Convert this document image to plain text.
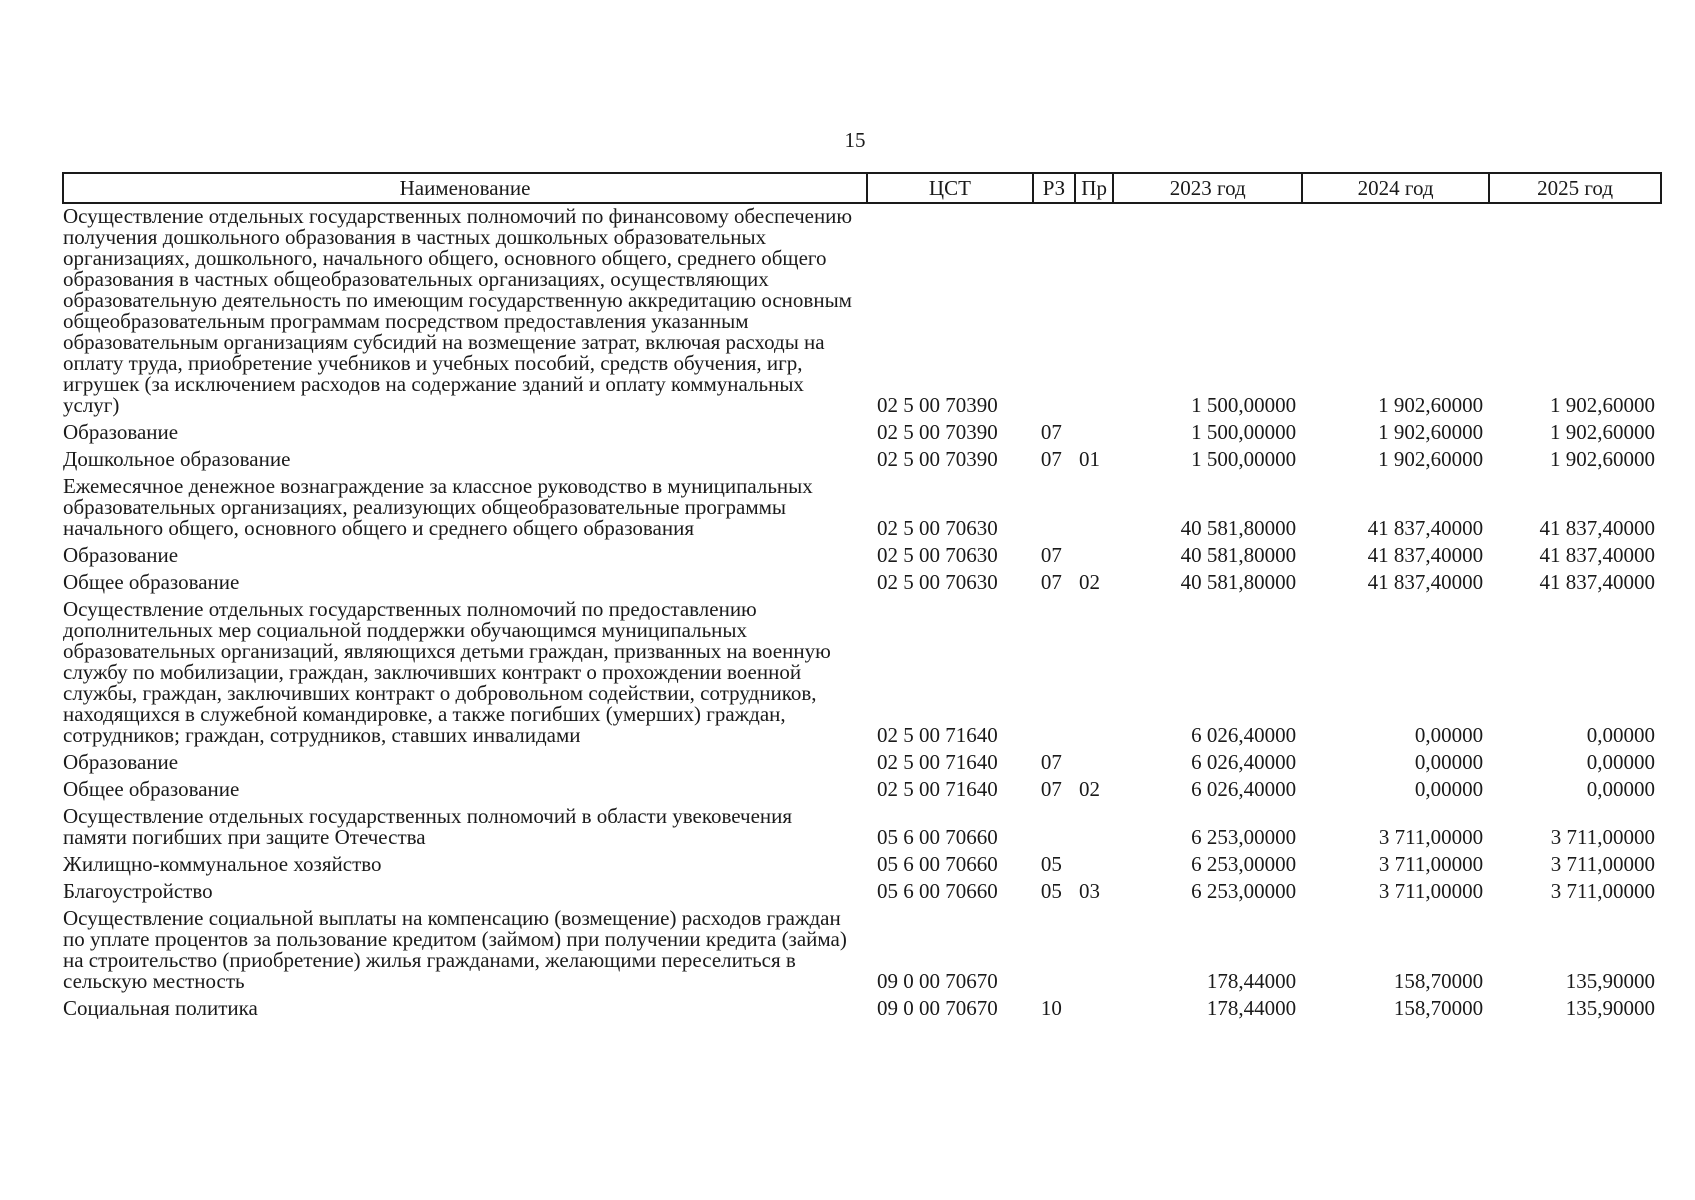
15
Наименование	ЦСТ	РЗ	Пр	2023 год	2024 год	2025 год
Осуществление отдельных государственных полномочий по финансовому обеспечению получения дошкольного образования в частных дошкольных образовательных организациях, дошкольного, начального общего, основного общего, среднего общего образования в частных общеобразовательных организациях, осуществляющих образовательную деятельность по имеющим государственную аккредитацию основным общеобразовательным программам посредством предоставления указанным образовательным организациям субсидий на возмещение затрат, включая расходы на оплату труда, приобретение учебников и учебных пособий, средств обучения, игр, игрушек (за исключением расходов на содержание зданий и оплату коммунальных услуг)	02 5 00 70390			1 500,00000	1 902,60000	1 902,60000
Образование	02 5 00 70390	07		1 500,00000	1 902,60000	1 902,60000
Дошкольное образование	02 5 00 70390	07	01	1 500,00000	1 902,60000	1 902,60000
Ежемесячное денежное вознаграждение за классное руководство в муниципальных образовательных организациях, реализующих общеобразовательные программы начального общего, основного общего и среднего общего образования	02 5 00 70630			40 581,80000	41 837,40000	41 837,40000
Образование	02 5 00 70630	07		40 581,80000	41 837,40000	41 837,40000
Общее образование	02 5 00 70630	07	02	40 581,80000	41 837,40000	41 837,40000
Осуществление отдельных государственных полномочий по предоставлению дополнительных мер социальной поддержки обучающимся муниципальных образовательных организаций, являющихся детьми граждан, призванных на военную службу по мобилизации, граждан, заключивших контракт о прохождении военной службы, граждан, заключивших контракт о добровольном содействии, сотрудников, находящихся в служебной командировке, а также погибших (умерших) граждан, сотрудников; граждан, сотрудников, ставших инвалидами	02 5 00 71640			6 026,40000	0,00000	0,00000
Образование	02 5 00 71640	07		6 026,40000	0,00000	0,00000
Общее образование	02 5 00 71640	07	02	6 026,40000	0,00000	0,00000
Осуществление отдельных государственных полномочий в области увековечения памяти погибших при защите Отечества	05 6 00 70660			6 253,00000	3 711,00000	3 711,00000
Жилищно-коммунальное хозяйство	05 6 00 70660	05		6 253,00000	3 711,00000	3 711,00000
Благоустройство	05 6 00 70660	05	03	6 253,00000	3 711,00000	3 711,00000
Осуществление социальной выплаты на компенсацию (возмещение) расходов граждан по уплате процентов за пользование кредитом (займом) при получении кредита (займа) на строительство (приобретение) жилья гражданами, желающими переселиться в сельскую местность	09 0 00 70670			178,44000	158,70000	135,90000
Социальная политика	09 0 00 70670	10		178,44000	158,70000	135,90000
